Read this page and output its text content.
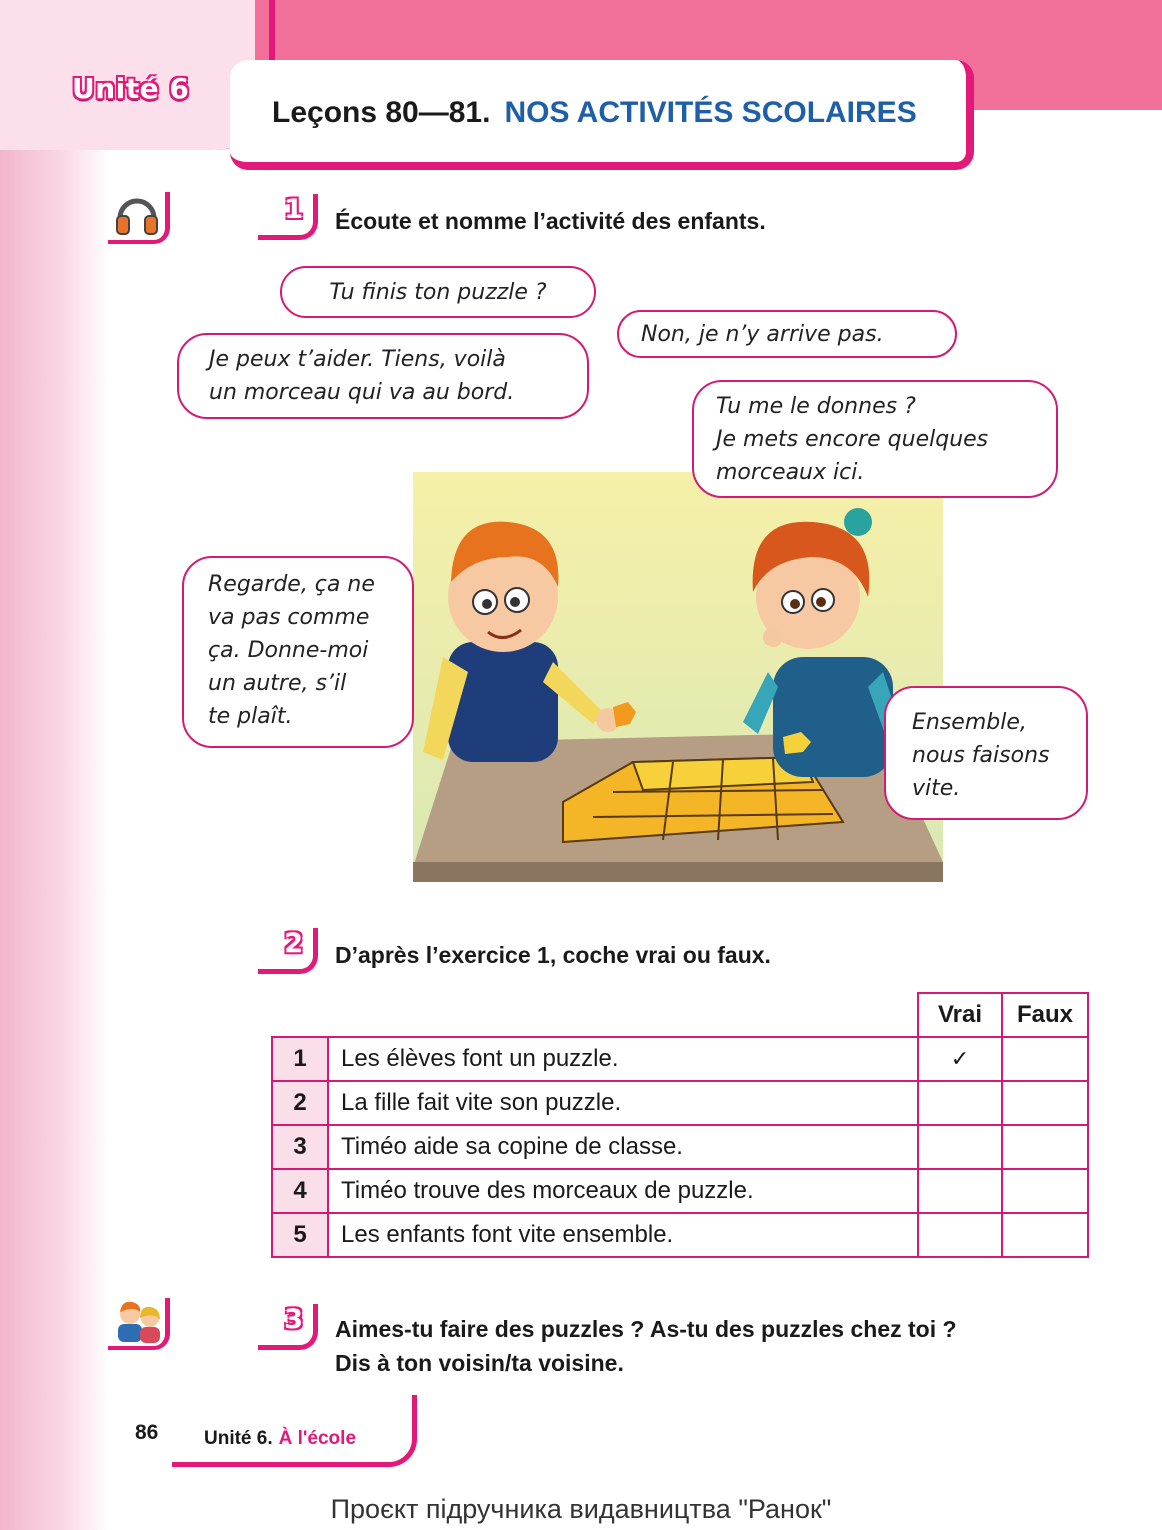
Unité 6
Leçons 80—81. NOS ACTIVITÉS SCOLAIRES
1 Écoute et nomme l’activité des enfants.
Tu finis ton puzzle ?
Non, je n’y arrive pas.
Je peux t’aider. Tiens, voilà
un morceau qui va au bord.
Tu me le donnes ?
Je mets encore quelques
morceaux ici.
Regarde, ça ne
va pas comme
ça. Donne-moi
un autre, s’il
te plaît.	Ensemble,
nous faisons
vite.
2 D’après l’exercice 1, coche vrai ou faux.
		Vrai	Faux
1	Les élèves font un puzzle.	✓	
2	La fille fait vite son puzzle.		
3	Timéo aide sa copine de classe.		
4	Timéo trouve des morceaux de puzzle.		
5	Les enfants font vite ensemble.		
3 Aimes-tu faire des puzzles ? As-tu des puzzles chez toi ?
Dis à ton voisin/ta voisine.
86 Unité 6. À l'école
Проєкт підручника видавництва "Ранок"
